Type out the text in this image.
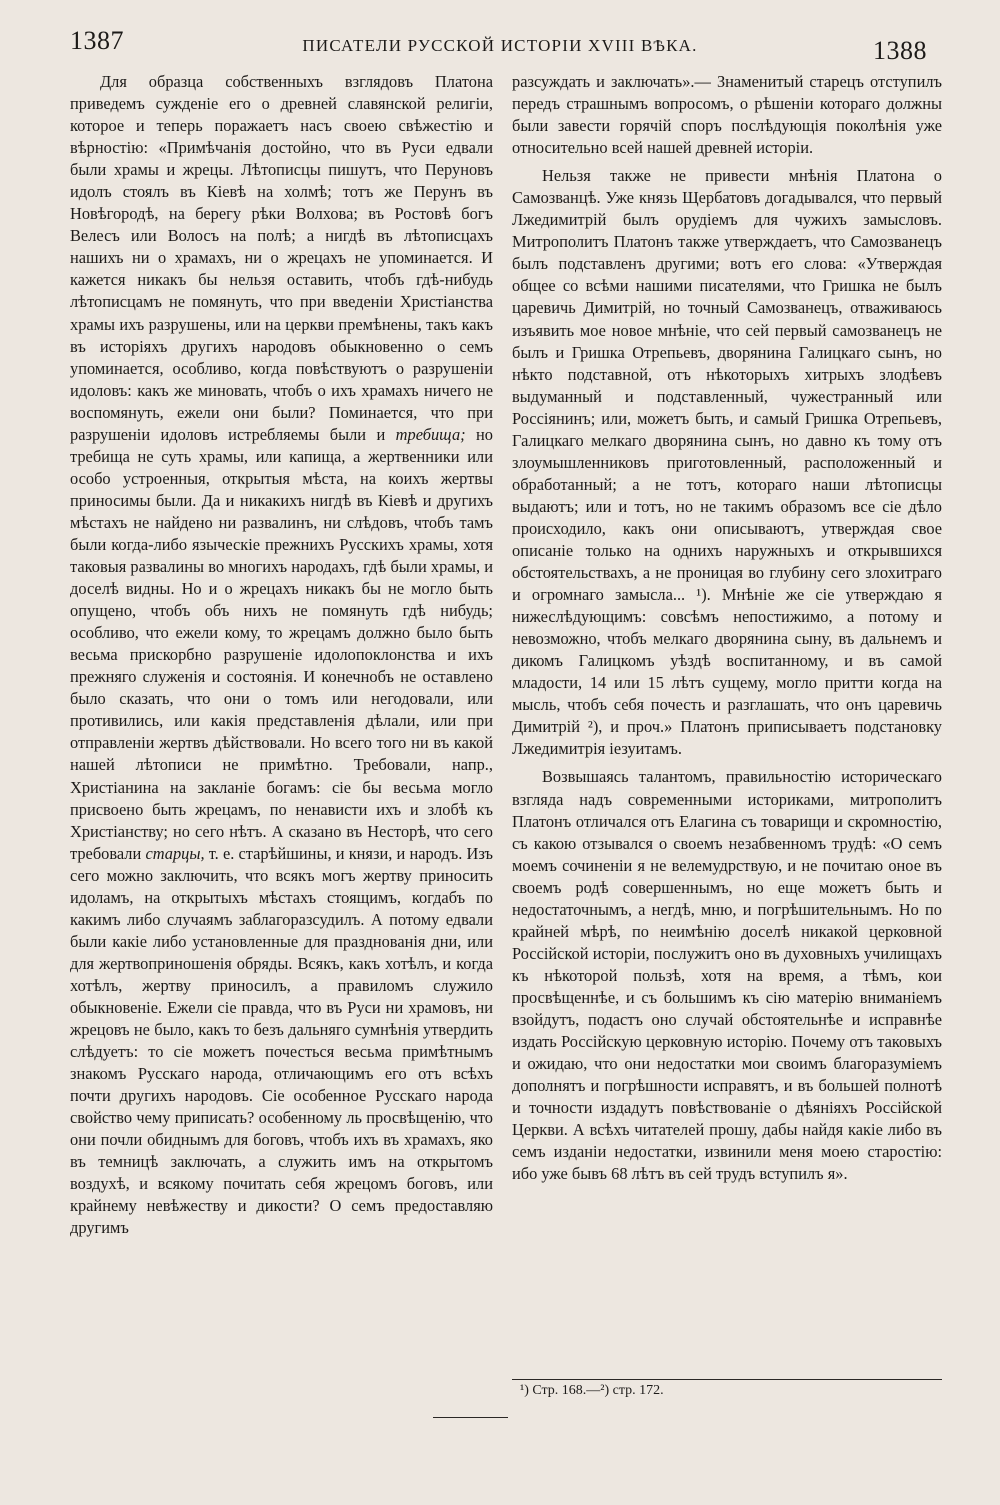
1387	ПИСАТЕЛИ РУССКОЙ ИСТОРІИ XVIII ВѢКА.	1388

Для образца собственныхъ взглядовъ Платона приведемъ сужденіе его о древней славянской религіи, которое и теперь поражаетъ насъ своею свѣжестію и вѣрностію: «Примѣчанія достойно, что въ Руси едвали были храмы и жрецы. Лѣтописцы пишутъ, что Перуновъ идолъ стоялъ въ Кіевѣ на холмѣ; тотъ же Перунъ въ Новѣгородѣ, на берегу рѣки Волхова; въ Ростовѣ богъ Велесъ или Волосъ на полѣ; а нигдѣ въ лѣтописцахъ нашихъ ни о храмахъ, ни о жрецахъ не упоминается. И кажется никакъ бы нельзя оставить, чтобъ гдѣ-нибудь лѣтописцамъ не помянуть, что при введеніи Христіанства храмы ихъ разрушены, или на церкви премѣнены, такъ какъ въ исторіяхъ другихъ народовъ обыкновенно о семъ упоминается, особливо, когда повѣствуютъ о разрушеніи идоловъ: какъ же миновать, чтобъ о ихъ храмахъ ничего не воспомянуть, ежели они были? Поминается, что при разрушеніи идоловъ истребляемы были и требища; но требища не суть храмы, или капища, а жертвенники или особо устроенныя, открытыя мѣста, на коихъ жертвы приносимы были. Да и никакихъ нигдѣ въ Кіевѣ и другихъ мѣстахъ не найдено ни развалинъ, ни слѣдовъ, чтобъ тамъ были когда-либо языческіе прежнихъ Русскихъ храмы, хотя таковыя развалины во многихъ народахъ, гдѣ были храмы, и доселѣ видны. Но и о жрецахъ никакъ бы не могло быть опущено, чтобъ объ нихъ не помянуть гдѣ нибудь; особливо, что ежели кому, то жрецамъ должно было быть весьма прискорбно разрушеніе идолопоклонства и ихъ прежняго служенія и состоянія. И конечнобъ не оставлено было сказать, что они о томъ или негодовали, или противились, или какія представленія дѣлали, или при отправленіи жертвъ дѣйствовали. Но всего того ни въ какой нашей лѣтописи не примѣтно. Требовали, напр., Христіанина на закланіе богамъ: сіе бы весьма могло присвоено быть жрецамъ, по ненависти ихъ и злобѣ къ Христіанству; но сего нѣтъ. А сказано въ Несторѣ, что сего требовали старцы, т. е. старѣйшины, и князи, и народъ. Изъ сего можно заключить, что всякъ могъ жертву приносить идоламъ, на открытыхъ мѣстахъ стоящимъ, когдабъ по какимъ либо случаямъ заблагоразсудилъ. А потому едвали были какіе либо установленные для празднованія дни, или для жертвоприношенія обряды. Всякъ, какъ хотѣлъ, и когда хотѣлъ, жертву приносилъ, а правиломъ служило обыкновеніе. Ежели сіе правда, что въ Руси ни храмовъ, ни жрецовъ не было, какъ то безъ дальняго сумнѣнія утвердить слѣдуетъ: то сіе можетъ почесться весьма примѣтнымъ знакомъ Русскаго народа, отличающимъ его отъ всѣхъ почти другихъ народовъ. Сіе особенное Русскаго народа свойство чему приписать? особенному ль просвѣщенію, что они почли обиднымъ для боговъ, чтобъ ихъ въ храмахъ, яко въ темницѣ заключать, а служить имъ на открытомъ воздухѣ, и всякому почитать себя жрецомъ боговъ, или крайнему невѣжеству и дикости? О семъ предоставляю другимъ

разсуждать и заключать».— Знаменитый старецъ отступилъ передъ страшнымъ вопросомъ, о рѣшеніи котораго должны были завести горячій споръ послѣдующія поколѣнія уже относительно всей нашей древней исторіи.

Нельзя также не привести мнѣнія Платона о Самозванцѣ. Уже князь Щербатовъ догадывался, что первый Лжедимитрій былъ орудіемъ для чужихъ замысловъ. Митрополитъ Платонъ также утверждаетъ, что Самозванецъ былъ подставленъ другими; вотъ его слова: «Утверждая общее со всѣми нашими писателями, что Гришка не былъ царевичь Димитрій, но точный Самозванецъ, отваживаюсь изъявить мое новое мнѣніе, что сей первый самозванецъ не былъ и Гришка Отрепьевъ, дворянина Галицкаго сынъ, но нѣкто подставной, отъ нѣкоторыхъ хитрыхъ злодѣевъ выдуманный и подставленный, чужестранный или Россіянинъ; или, можетъ быть, и самый Гришка Отрепьевъ, Галицкаго мелкаго дворянина сынъ, но давно къ тому отъ злоумышленниковъ приготовленный, расположенный и обработанный; а не тотъ, котораго наши лѣтописцы выдаютъ; или и тотъ, но не такимъ образомъ все сіе дѣло происходило, какъ они описываютъ, утверждая свое описаніе только на однихъ наружныхъ и открывшихся обстоятельствахъ, а не проницая во глубину сего злохитраго и огромнаго замысла... ¹). Мнѣніе же сіе утверждаю я нижеслѣдующимъ: совсѣмъ непостижимо, а потому и невозможно, чтобъ мелкаго дворянина сыну, въ дальнемъ и дикомъ Галицкомъ уѣздѣ воспитанному, и въ самой младости, 14 или 15 лѣтъ сущему, могло притти когда на мысль, чтобъ себя почесть и разглашать, что онъ царевичь Димитрій ²), и проч.» Платонъ приписываетъ подстановку Лжедимитрія іезуитамъ.

Возвышаясь талантомъ, правильностію историческаго взгляда надъ современными историками, митрополитъ Платонъ отличался отъ Елагина съ товарищи и скромностію, съ какою отзывался о своемъ незабвенномъ трудѣ: «О семъ моемъ сочиненіи я не велемудрствую, и не почитаю оное въ своемъ родѣ совершеннымъ, но еще можетъ быть и недостаточнымъ, а негдѣ, мню, и погрѣшительнымъ. Но по крайней мѣрѣ, по неимѣнію доселѣ никакой церковной Россійской исторіи, послужитъ оно въ духовныхъ училищахъ къ нѣкоторой пользѣ, хотя на время, а тѣмъ, кои просвѣщеннѣе, и съ большимъ къ сію матерію вниманіемъ взойдутъ, подастъ оно случай обстоятельнѣе и исправнѣе издать Россійскую церковную исторію. Почему отъ таковыхъ и ожидаю, что они недостатки мои своимъ благоразуміемъ дополнятъ и погрѣшности исправятъ, и въ большей полнотѣ и точности издадутъ повѣствованіе о дѣяніяхъ Россійской Церкви. А всѣхъ читателей прошу, дабы найдя какіе либо въ семъ изданіи недостатки, извинили меня моею старостію: ибо уже бывъ 68 лѣтъ въ сей трудъ вступилъ я».

¹) Стр. 168.—²) стр. 172.
